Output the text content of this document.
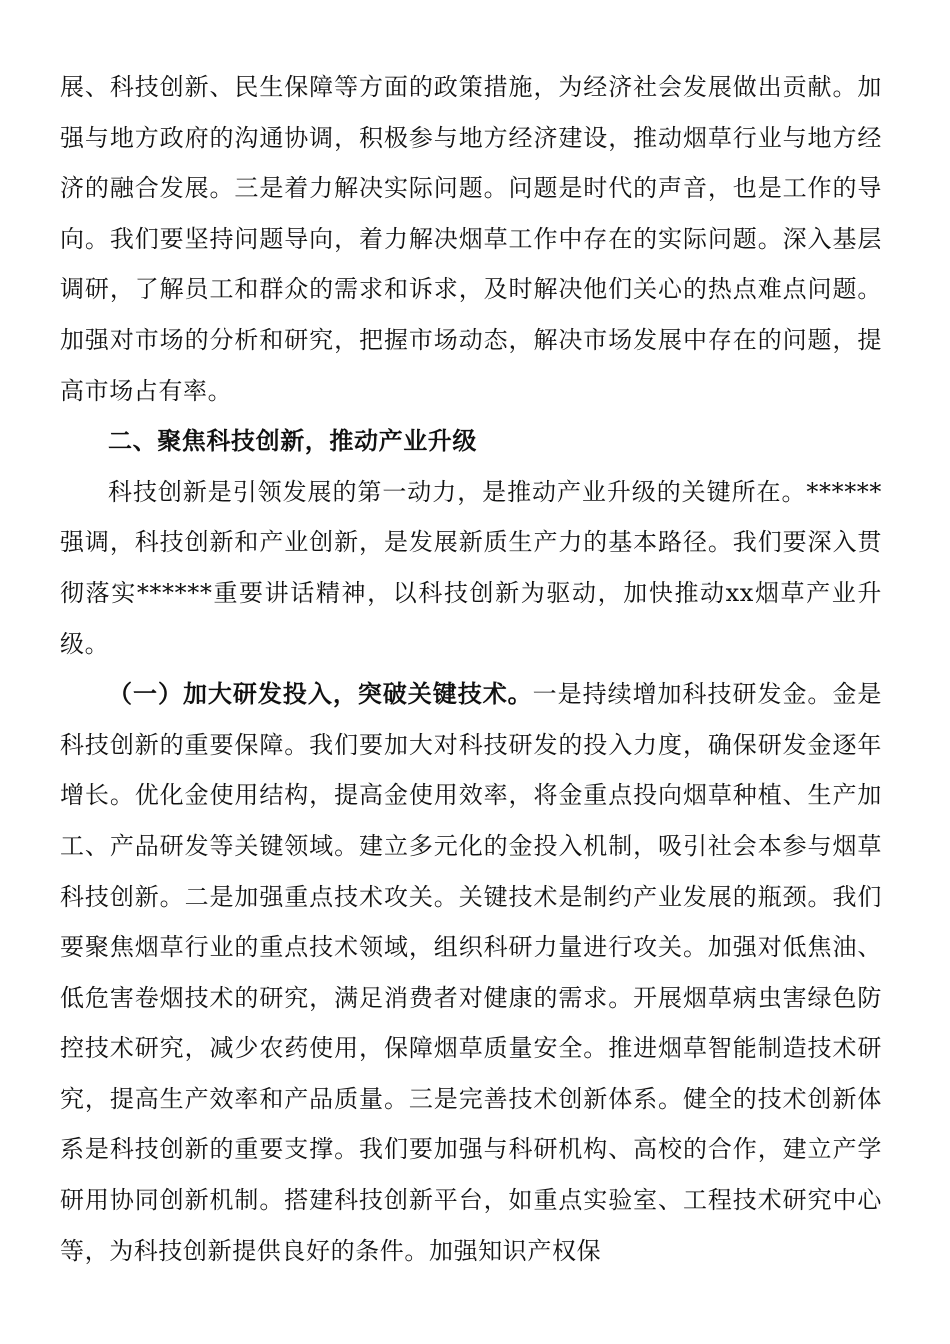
展、科技创新、民生保障等方面的政策措施，为经济社会发展做出贡献。加强与地方政府的沟通协调，积极参与地方经济建设，推动烟草行业与地方经济的融合发展。三是着力解决实际问题。问题是时代的声音，也是工作的导向。我们要坚持问题导向，着力解决烟草工作中存在的实际问题。深入基层调研，了解员工和群众的需求和诉求，及时解决他们关心的热点难点问题。加强对市场的分析和研究，把握市场动态，解决市场发展中存在的问题，提高市场占有率。

二、聚焦科技创新，推动产业升级

科技创新是引领发展的第一动力，是推动产业升级的关键所在。******强调，科技创新和产业创新，是发展新质生产力的基本路径。我们要深入贯彻落实******重要讲话精神，以科技创新为驱动，加快推动xx烟草产业升级。

（一）加大研发投入，突破关键技术。一是持续增加科技研发金。金是科技创新的重要保障。我们要加大对科技研发的投入力度，确保研发金逐年增长。优化金使用结构，提高金使用效率，将金重点投向烟草种植、生产加工、产品研发等关键领域。建立多元化的金投入机制，吸引社会本参与烟草科技创新。二是加强重点技术攻关。关键技术是制约产业发展的瓶颈。我们要聚焦烟草行业的重点技术领域，组织科研力量进行攻关。加强对低焦油、低危害卷烟技术的研究，满足消费者对健康的需求。开展烟草病虫害绿色防控技术研究，减少农药使用，保障烟草质量安全。推进烟草智能制造技术研究，提高生产效率和产品质量。三是完善技术创新体系。健全的技术创新体系是科技创新的重要支撑。我们要加强与科研机构、高校的合作，建立产学研用协同创新机制。搭建科技创新平台，如重点实验室、工程技术研究中心等，为科技创新提供良好的条件。加强知识产权保
